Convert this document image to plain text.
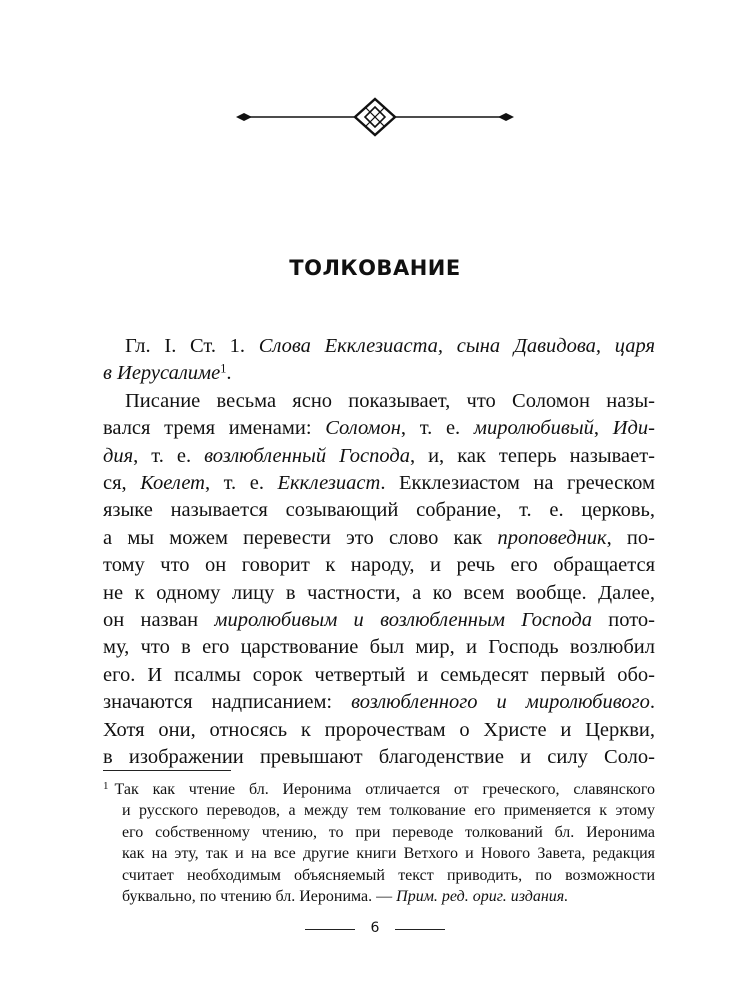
ТОЛКОВАНИЕ
Гл. I. Ст. 1. Слова Екклезиаста, сына Давидова, царя
в Иерусалиме$^1$.
Писание весьма ясно показывает, что Соломон назы-
вался тремя именами: Соломон, т. е. миролюбивый, Иди-
дия, т. е. возлюбленный Господа, и, как теперь называет-
ся, Коелет, т. е. Екклезиаст. Екклезиастом на греческом
языке называется созывающий собрание, т. е. церковь,
а мы можем перевести это слово как проповедник, по-
тому что он говорит к народу, и речь его обращается
не к одному лицу в частности, а ко всем вообще. Далее,
он назван миролюбивым и возлюбленным Господа пото-
му, что в его царствование был мир, и Господь возлюбил
его. И псалмы сорок четвертый и семьдесят первый обо-
значаются надписанием: возлюбленного и миролюбивого.
Хотя они, относясь к пророчествам о Христе и Церкви,
в изображении превышают благоденствие и силу Соло-
$^1$ Так как чтение бл. Иеронима отличается от греческого, славянского
и русского переводов, а между тем толкование его применяется к этому
его собственному чтению, то при переводе толкований бл. Иеронима
как на эту, так и на все другие книги Ветхого и Нового Завета, редакция
считает необходимым объясняемый текст приводить, по возможности
буквально, по чтению бл. Иеронима. — Прим. ред. ориг. издания.
6
